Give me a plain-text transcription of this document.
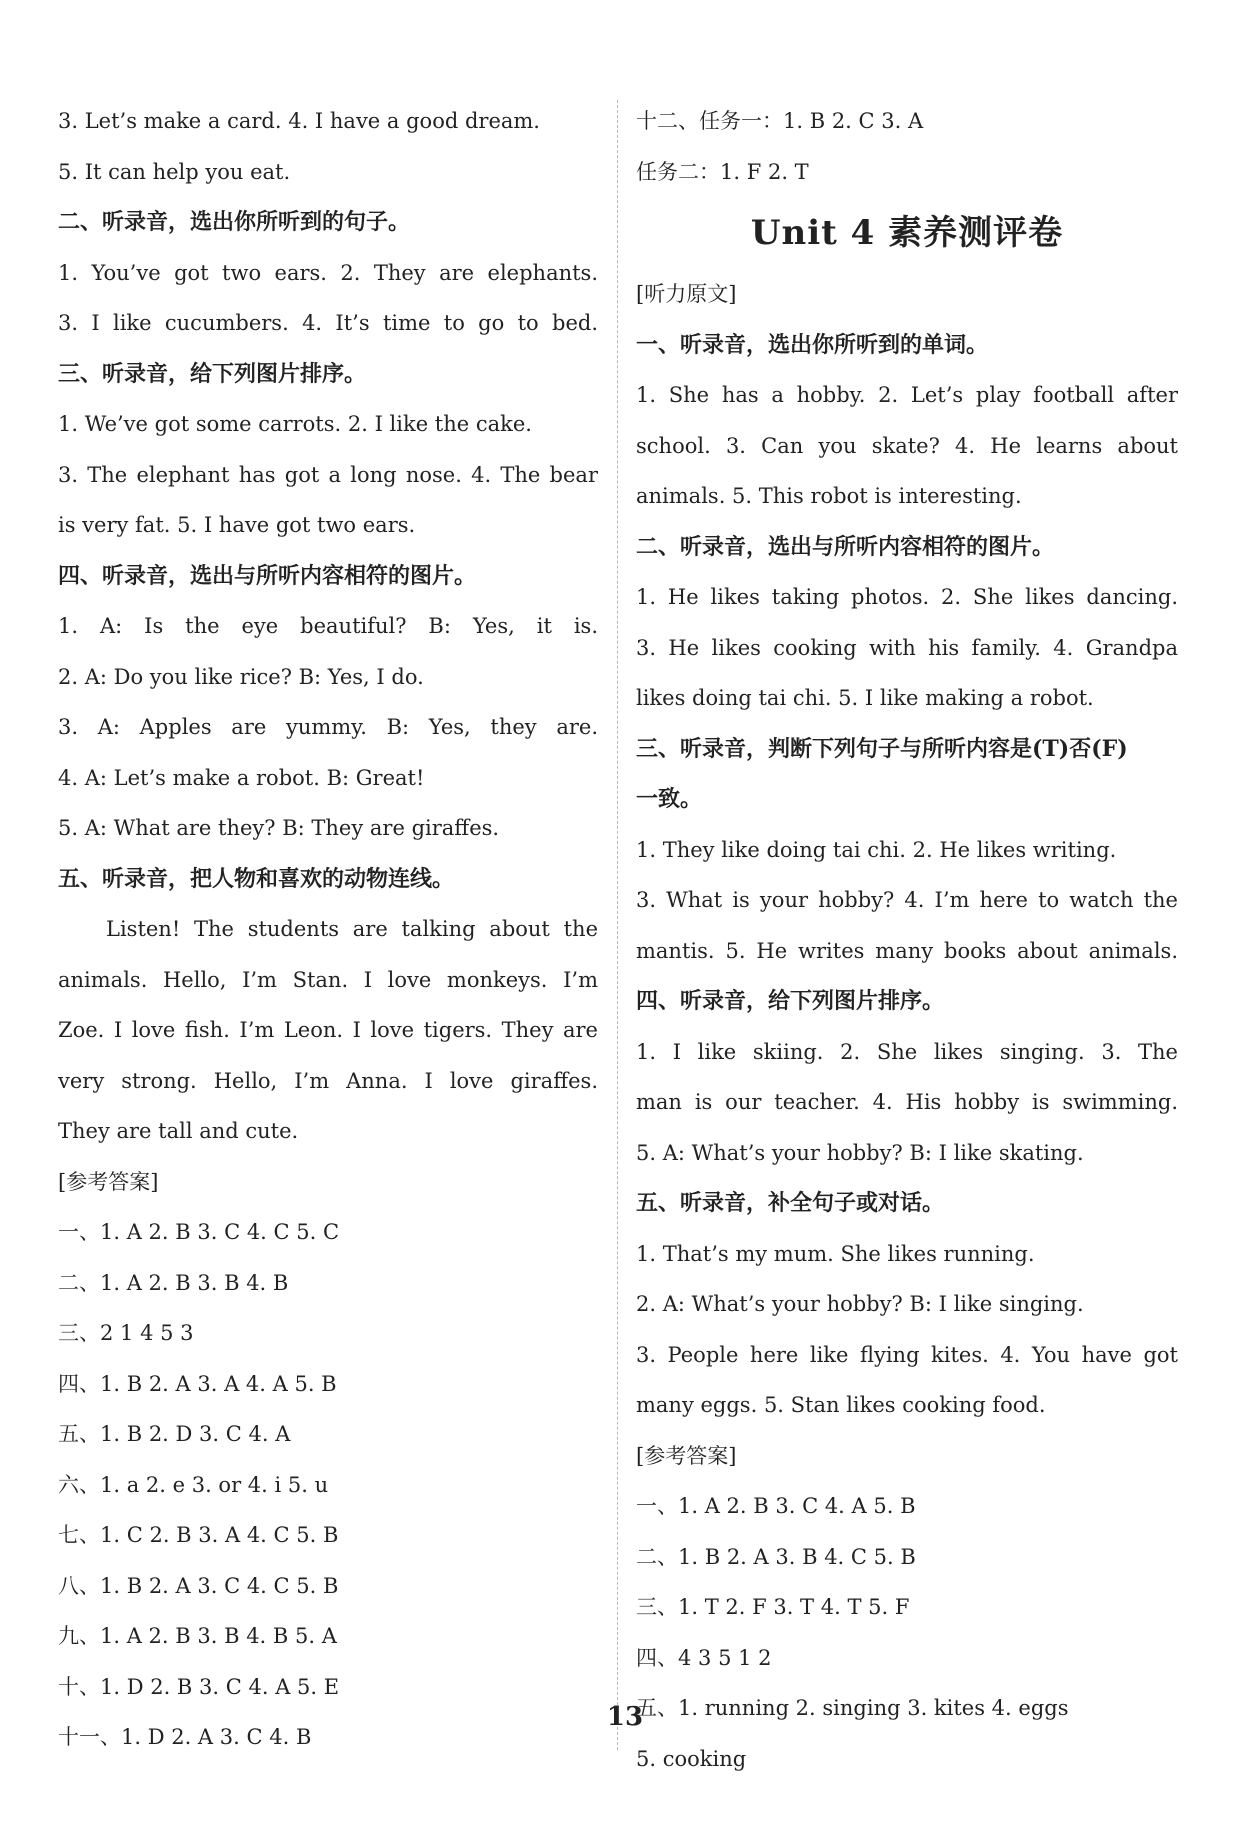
3. Let’s make a card. 4. I have a good dream.
5. It can help you eat.
二、听录音，选出你所听到的句子。
1. You’ve got two ears. 2. They are elephants.
3. I like cucumbers. 4. It’s time to go to bed.
三、听录音，给下列图片排序。
1. We’ve got some carrots. 2. I like the cake.
3. The elephant has got a long nose. 4. The bear
is very fat. 5. I have got two ears.
四、听录音，选出与所听内容相符的图片。
1. A: Is the eye beautiful? B: Yes, it is.
2. A: Do you like rice? B: Yes, I do.
3. A: Apples are yummy. B: Yes, they are.
4. A: Let’s make a robot. B: Great!
5. A: What are they? B: They are giraffes.
五、听录音，把人物和喜欢的动物连线。
Listen! The students are talking about the
animals. Hello, I’m Stan. I love monkeys. I’m
Zoe. I love fish. I’m Leon. I love tigers. They are
very strong. Hello, I’m Anna. I love giraffes.
They are tall and cute.
[参考答案]
一、1. A 2. B 3. C 4. C 5. C
二、1. A 2. B 3. B 4. B
三、2 1 4 5 3
四、1. B 2. A 3. A 4. A 5. B
五、1. B 2. D 3. C 4. A
六、1. a 2. e 3. or 4. i 5. u
七、1. C 2. B 3. A 4. C 5. B
八、1. B 2. A 3. C 4. C 5. B
九、1. A 2. B 3. B 4. B 5. A
十、1. D 2. B 3. C 4. A 5. E
十一、1. D 2. A 3. C 4. B
十二、任务一：1. B 2. C 3. A
任务二：1. F 2. T
Unit 4 素养测评卷
[听力原文]
一、听录音，选出你所听到的单词。
1. She has a hobby. 2. Let’s play football after
school. 3. Can you skate? 4. He learns about
animals. 5. This robot is interesting.
二、听录音，选出与所听内容相符的图片。
1. He likes taking photos. 2. She likes dancing.
3. He likes cooking with his family. 4. Grandpa
likes doing tai chi. 5. I like making a robot.
三、听录音，判断下列句子与所听内容是(T)否(F)
一致。
1. They like doing tai chi. 2. He likes writing.
3. What is your hobby? 4. I’m here to watch the
mantis. 5. He writes many books about animals.
四、听录音，给下列图片排序。
1. I like skiing. 2. She likes singing. 3. The
man is our teacher. 4. His hobby is swimming.
5. A: What’s your hobby? B: I like skating.
五、听录音，补全句子或对话。
1. That’s my mum. She likes running.
2. A: What’s your hobby? B: I like singing.
3. People here like flying kites. 4. You have got
many eggs. 5. Stan likes cooking food.
[参考答案]
一、1. A 2. B 3. C 4. A 5. B
二、1. B 2. A 3. B 4. C 5. B
三、1. T 2. F 3. T 4. T 5. F
四、4 3 5 1 2
五、1. running 2. singing 3. kites 4. eggs
5. cooking
13
